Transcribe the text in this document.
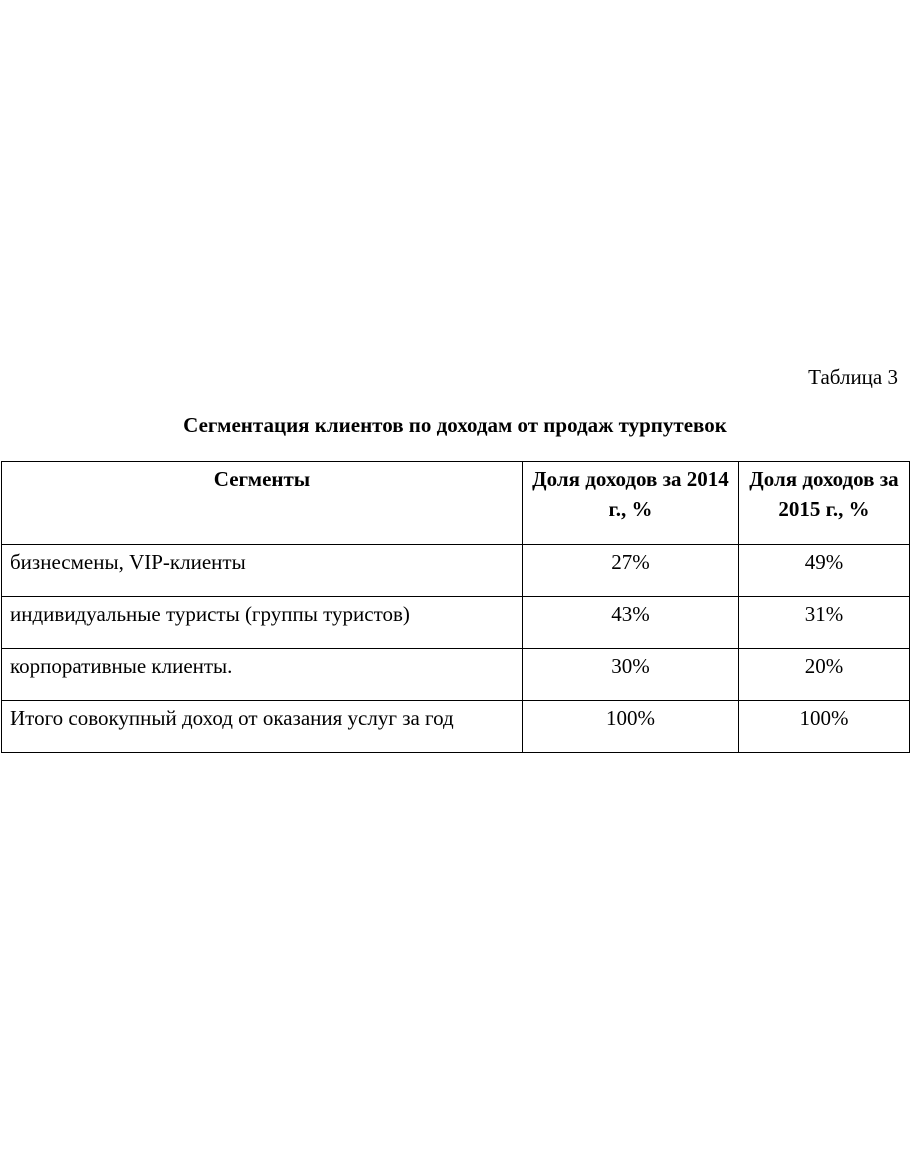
Таблица 3
Сегментация клиентов по доходам от продаж турпутевок
Сегменты	Доля доходов за 2014 г., %	Доля доходов за 2015 г., %
бизнесмены, VIP-клиенты	27%	49%
индивидуальные туристы (группы туристов)	43%	31%
корпоративные клиенты.	30%	20%
Итого совокупный доход от оказания услуг за год	100%	100%
